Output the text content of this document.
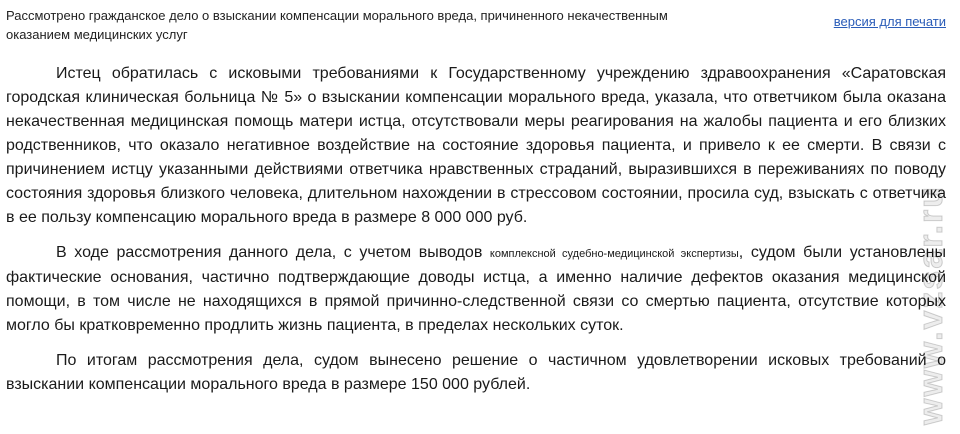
Рассмотрено гражданское дело о взыскании компенсации морального вреда, причиненного некачественным оказанием медицинских услуг
версия для печати

Истец обратилась с исковыми требованиями к Государственному учреждению здравоохранения «Саратовская городская клиническая больница № 5» о взыскании компенсации морального вреда, указала, что ответчиком была оказана некачественная медицинская помощь матери истца, отсутствовали меры реагирования на жалобы пациента и его близких родственников, что оказало негативное воздействие на состояние здоровья пациента, и привело к ее смерти. В связи с причинением истцу указанными действиями ответчика нравственных страданий, выразившихся в переживаниях по поводу состояния здоровья близкого человека, длительном нахождении в стрессовом состоянии, просила суд, взыскать с ответчика в ее пользу компенсацию морального вреда в размере 8 000 000 руб.

В ходе рассмотрения данного дела, с учетом выводов комплексной судебно-медицинской экспертизы, судом были установлены фактические основания, частично подтверждающие доводы истца, а именно наличие дефектов оказания медицинской помощи, в том числе не находящихся в прямой причинно-следственной связи со смертью пациента, отсутствие которых могло бы кратковременно продлить жизнь пациента, в пределах нескольких суток.

По итогам рассмотрения дела, судом вынесено решение о частичном удовлетворении исковых требований о взыскании компенсации морального вреда в размере 150 000 рублей.	www.vzsar.ru
